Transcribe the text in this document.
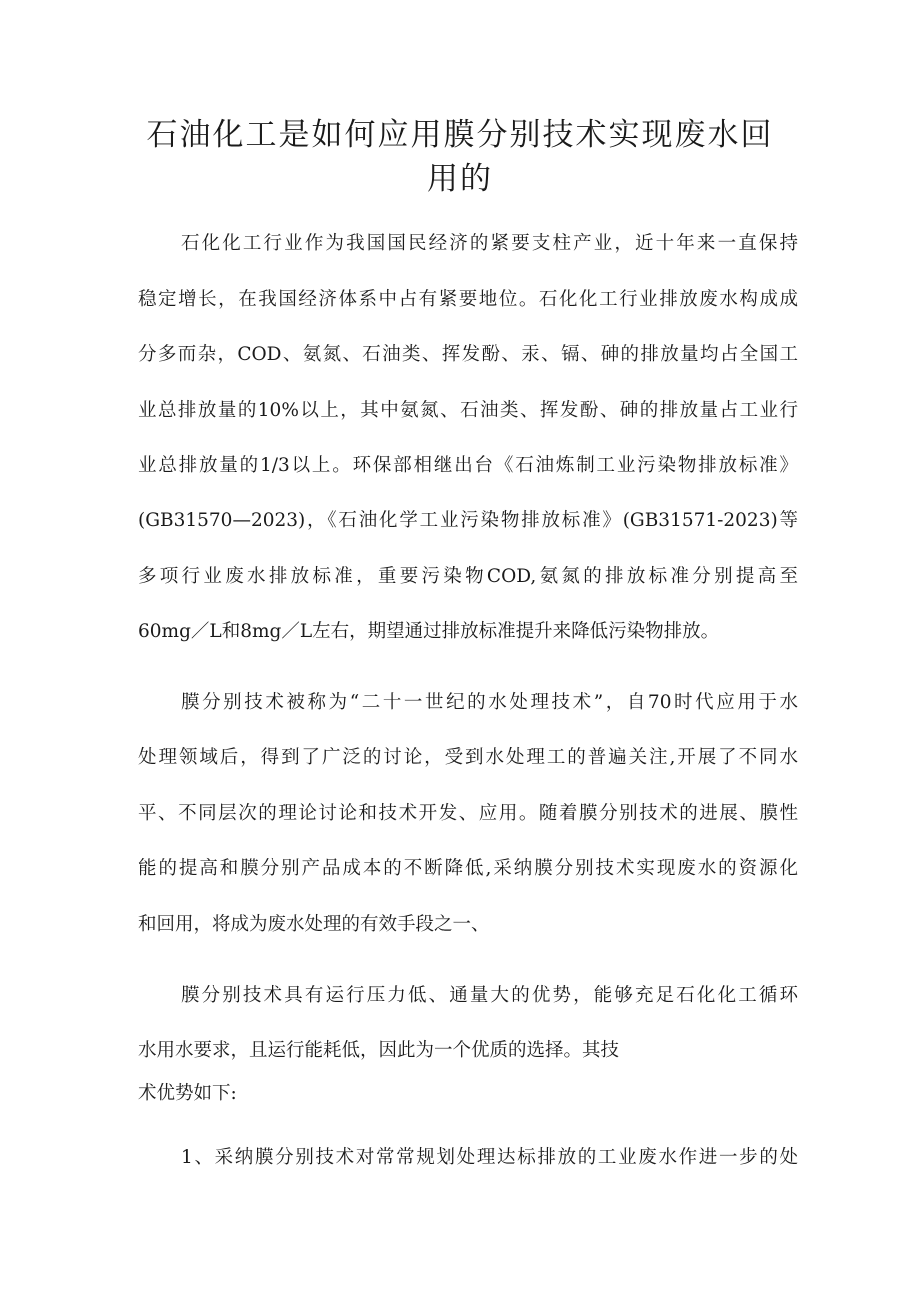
石油化工是如何应用膜分别技术实现废水回
用的
石化化工行业作为我国国民经济的紧要支柱产业，近十年来一直保持
稳定增长，在我国经济体系中占有紧要地位。石化化工行业排放废水构成成
分多而杂，COD、氨氮、石油类、挥发酚、汞、镉、砷的排放量均占全国工
业总排放量的10%以上，其中氨氮、石油类、挥发酚、砷的排放量占工业行
业总排放量的1/3以上。环保部相继出台《石油炼制工业污染物排放标准》
(GB31570—2023)，《石油化学工业污染物排放标准》(GB31571-2023)等
多项行业废水排放标准，重要污染物COD,氨氮的排放标准分别提高至
60mg／L和8mg／L左右，期望通过排放标准提升来降低污染物排放。
膜分别技术被称为“二十一世纪的水处理技术”，自70时代应用于水
处理领域后，得到了广泛的讨论，受到水处理工的普遍关注,开展了不同水
平、不同层次的理论讨论和技术开发、应用。随着膜分别技术的进展、膜性
能的提高和膜分别产品成本的不断降低,采纳膜分别技术实现废水的资源化
和回用，将成为废水处理的有效手段之一、
膜分别技术具有运行压力低、通量大的优势，能够充足石化化工循环
水用水要求，且运行能耗低，因此为一个优质的选择。其技
术优势如下:
1、采纳膜分别技术对常常规划处理达标排放的工业废水作进一步的处
